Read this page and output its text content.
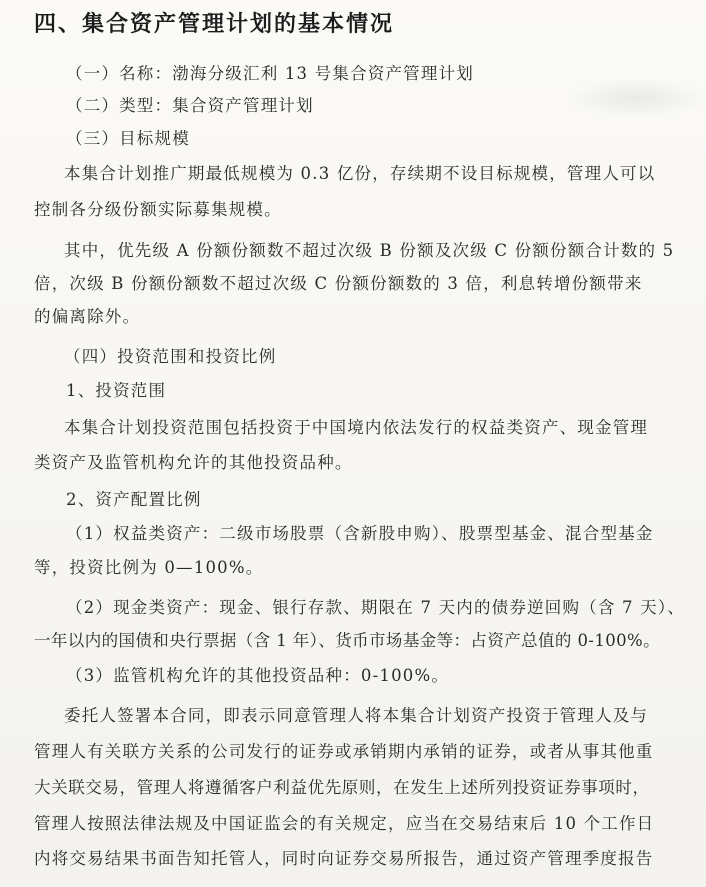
四、集合资产管理计划的基本情况
（一）名称：渤海分级汇利 13 号集合资产管理计划
（二）类型：集合资产管理计划
（三）目标规模
本集合计划推广期最低规模为 0.3 亿份，存续期不设目标规模，管理人可以
控制各分级份额实际募集规模。
其中，优先级 A 份额份额数不超过次级 B 份额及次级 C 份额份额合计数的 5
倍，次级 B 份额份额数不超过次级 C 份额份额数的 3 倍，利息转增份额带来
的偏离除外。
（四）投资范围和投资比例
1、投资范围
本集合计划投资范围包括投资于中国境内依法发行的权益类资产、现金管理
类资产及监管机构允许的其他投资品种。
2、资产配置比例
（1）权益类资产：二级市场股票（含新股申购）、股票型基金、混合型基金
等，投资比例为 0—100%。
（2）现金类资产：现金、银行存款、期限在 7 天内的债券逆回购（含 7 天）、
一年以内的国债和央行票据（含 1 年）、货币市场基金等：占资产总值的 0-100%。
（3）监管机构允许的其他投资品种：0-100%。
委托人签署本合同，即表示同意管理人将本集合计划资产投资于管理人及与
管理人有关联方关系的公司发行的证券或承销期内承销的证券，或者从事其他重
大关联交易，管理人将遵循客户利益优先原则，在发生上述所列投资证券事项时，
管理人按照法律法规及中国证监会的有关规定，应当在交易结束后 10 个工作日
内将交易结果书面告知托管人，同时向证券交易所报告，通过资产管理季度报告
